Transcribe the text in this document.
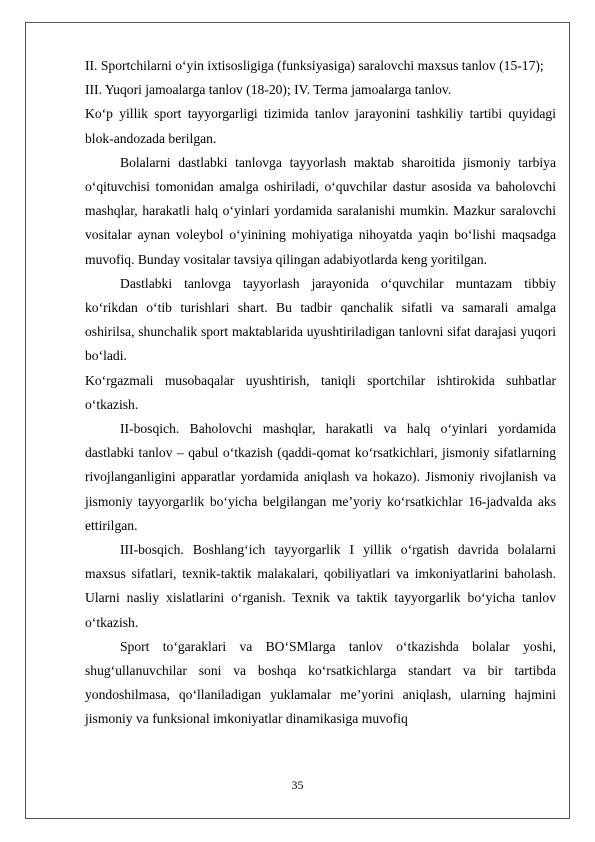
II. Sportchilarni o‘yin ixtisosligiga (funksiyasiga) saralovchi maxsus tanlov (15-17);

III. Yuqori jamoalarga tanlov (18-20); IV. Terma jamoalarga tanlov.

Ko‘p yillik sport tayyorgarligi tizimida tanlov jarayonini tashkiliy tartibi quyidagi blok-andozada berilgan.

Bolalarni dastlabki tanlovga tayyorlash maktab sharoitida jismoniy tarbiya o‘qituvchisi tomonidan amalga oshiriladi, o‘quvchilar dastur asosida va baholovchi mashqlar, harakatli halq o‘yinlari yordamida saralanishi mumkin. Mazkur saralovchi vositalar aynan voleybol o‘yinining mohiyatiga nihoyatda yaqin bo‘lishi maqsadga muvofiq. Bunday vositalar tavsiya qilingan adabiyotlarda keng yoritilgan.

Dastlabki tanlovga tayyorlash jarayonida o‘quvchilar muntazam tibbiy ko‘rikdan o‘tib turishlari shart. Bu tadbir qanchalik sifatli va samarali amalga oshirilsa, shunchalik sport maktablarida uyushtiriladigan tanlovni sifat darajasi yuqori bo‘ladi.

Ko‘rgazmali musobaqalar uyushtirish, taniqli sportchilar ishtirokida suhbatlar o‘tkazish.

II-bosqich. Baholovchi mashqlar, harakatli va halq o‘yinlari yordamida dastlabki tanlov – qabul o‘tkazish (qaddi-qomat ko‘rsatkichlari, jismoniy sifatlarning rivojlanganligini apparatlar yordamida aniqlash va hokazo). Jismoniy rivojlanish va jismoniy tayyorgarlik bo‘yicha belgilangan me’yoriy ko‘rsatkichlar 16-jadvalda aks ettirilgan.

III-bosqich. Boshlang‘ich tayyorgarlik I yillik o‘rgatish davrida bolalarni maxsus sifatlari, texnik-taktik malakalari, qobiliyatlari va imkoniyatlarini baholash. Ularni nasliy xislatlarini o‘rganish. Texnik va taktik tayyorgarlik bo‘yicha tanlov o‘tkazish.

Sport to‘garaklari va BO‘SMlarga tanlov o‘tkazishda bolalar yoshi, shug‘ullanuvchilar soni va boshqa ko‘rsatkichlarga standart va bir tartibda yondoshilmasa, qo‘llaniladigan yuklamalar me’yorini aniqlash, ularning hajmini jismoniy va funksional imkoniyatlar dinamikasiga muvofiq

35
